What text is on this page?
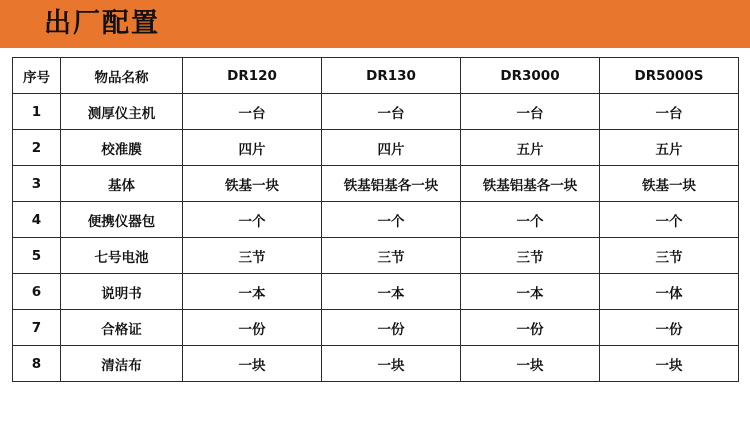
出厂配置
序号	物品名称	DR120	DR130	DR3000	DR5000S
1	测厚仪主机	一台	一台	一台	一台
2	校准膜	四片	四片	五片	五片
3	基体	铁基一块	铁基铝基各一块	铁基铝基各一块	铁基一块
4	便携仪器包	一个	一个	一个	一个
5	七号电池	三节	三节	三节	三节
6	说明书	一本	一本	一本	一体
7	合格证	一份	一份	一份	一份
8	清洁布	一块	一块	一块	一块
